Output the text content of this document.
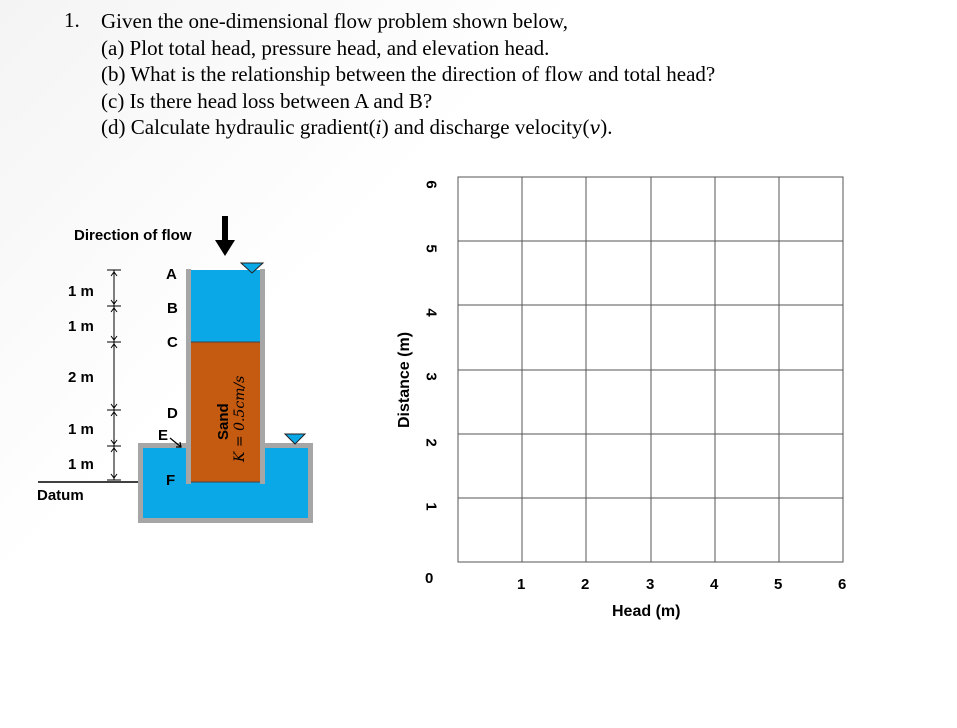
1. Given the one-dimensional flow problem shown below,
(a) Plot total head, pressure head, and elevation head.
(b) What is the relationship between the direction of flow and total head?
(c) Is there head loss between A and B?
(d) Calculate hydraulic gradient(i) and discharge velocity(v).
Direction of flow
A
B
C
D
E
F
1 m
1 m
2 m
1 m
1 m
Datum
Sand K = 0.5cm/s
0
1
2
3
4
5
6
Distance (m)
1	2	3	4	5	6
Head (m)
